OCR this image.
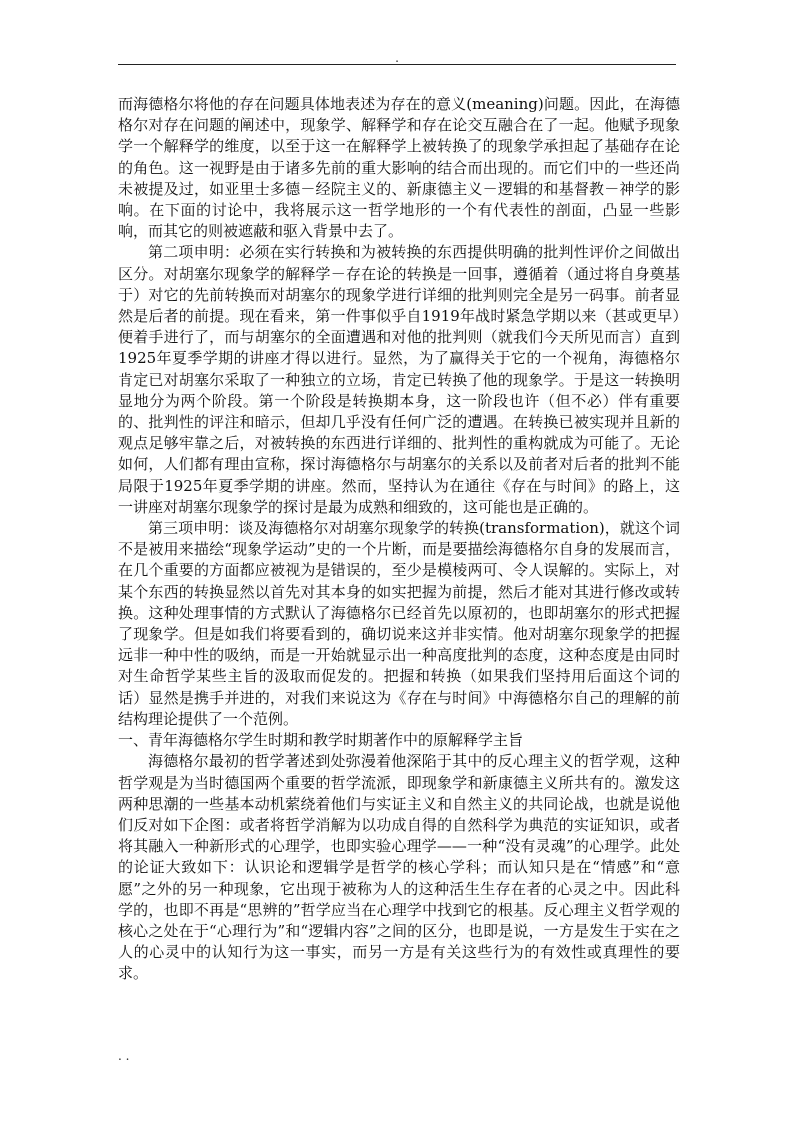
.

而海德格尔将他的存在问题具体地表述为存在的意义(meaning)问题。因此，在海德格尔对存在问题的阐述中，现象学、解释学和存在论交互融合在了一起。他赋予现象学一个解释学的维度，以至于这一在解释学上被转换了的现象学承担起了基础存在论的角色。这一视野是由于诸多先前的重大影响的结合而出现的。而它们中的一些还尚未被提及过，如亚里士多德－经院主义的、新康德主义－逻辑的和基督教－神学的影响。在下面的讨论中，我将展示这一哲学地形的一个有代表性的剖面，凸显一些影响，而其它的则被遮蔽和驱入背景中去了。

第二项申明：必须在实行转换和为被转换的东西提供明确的批判性评价之间做出区分。对胡塞尔现象学的解释学－存在论的转换是一回事，遵循着（通过将自身奠基于）对它的先前转换而对胡塞尔的现象学进行详细的批判则完全是另一码事。前者显然是后者的前提。现在看来，第一件事似乎自1919年战时紧急学期以来（甚或更早）便着手进行了，而与胡塞尔的全面遭遇和对他的批判则（就我们今天所见而言）直到1925年夏季学期的讲座才得以进行。显然，为了赢得关于它的一个视角，海德格尔肯定已对胡塞尔采取了一种独立的立场，肯定已转换了他的现象学。于是这一转换明显地分为两个阶段。第一个阶段是转换期本身，这一阶段也许（但不必）伴有重要的、批判性的评注和暗示，但却几乎没有任何广泛的遭遇。在转换已被实现并且新的观点足够牢靠之后，对被转换的东西进行详细的、批判性的重构就成为可能了。无论如何，人们都有理由宣称，探讨海德格尔与胡塞尔的关系以及前者对后者的批判不能局限于1925年夏季学期的讲座。然而，坚持认为在通往《存在与时间》的路上，这一讲座对胡塞尔现象学的探讨是最为成熟和细致的，这可能也是正确的。

第三项申明：谈及海德格尔对胡塞尔现象学的转换(transformation)，就这个词不是被用来描绘“现象学运动”史的一个片断，而是要描绘海德格尔自身的发展而言，在几个重要的方面都应被视为是错误的，至少是模棱两可、令人误解的。实际上，对某个东西的转换显然以首先对其本身的如实把握为前提，然后才能对其进行修改或转换。这种处理事情的方式默认了海德格尔已经首先以原初的，也即胡塞尔的形式把握了现象学。但是如我们将要看到的，确切说来这并非实情。他对胡塞尔现象学的把握远非一种中性的吸纳，而是一开始就显示出一种高度批判的态度，这种态度是由同时对生命哲学某些主旨的汲取而促发的。把握和转换（如果我们坚持用后面这个词的话）显然是携手并进的，对我们来说这为《存在与时间》中海德格尔自己的理解的前结构理论提供了一个范例。

一、青年海德格尔学生时期和教学时期著作中的原解释学主旨

海德格尔最初的哲学著述到处弥漫着他深陷于其中的反心理主义的哲学观，这种哲学观是为当时德国两个重要的哲学流派，即现象学和新康德主义所共有的。激发这两种思潮的一些基本动机萦绕着他们与实证主义和自然主义的共同论战，也就是说他们反对如下企图：或者将哲学消解为以功成自得的自然科学为典范的实证知识，或者将其融入一种新形式的心理学，也即实验心理学——一种“没有灵魂”的心理学。此处的论证大致如下：认识论和逻辑学是哲学的核心学科；而认知只是在“情感”和“意愿”之外的另一种现象，它出现于被称为人的这种活生生存在者的心灵之中。因此科学的，也即不再是“思辨的”哲学应当在心理学中找到它的根基。反心理主义哲学观的核心之处在于“心理行为”和“逻辑内容”之间的区分，也即是说，一方是发生于实在之人的心灵中的认知行为这一事实，而另一方是有关这些行为的有效性或真理性的要求。

. .
